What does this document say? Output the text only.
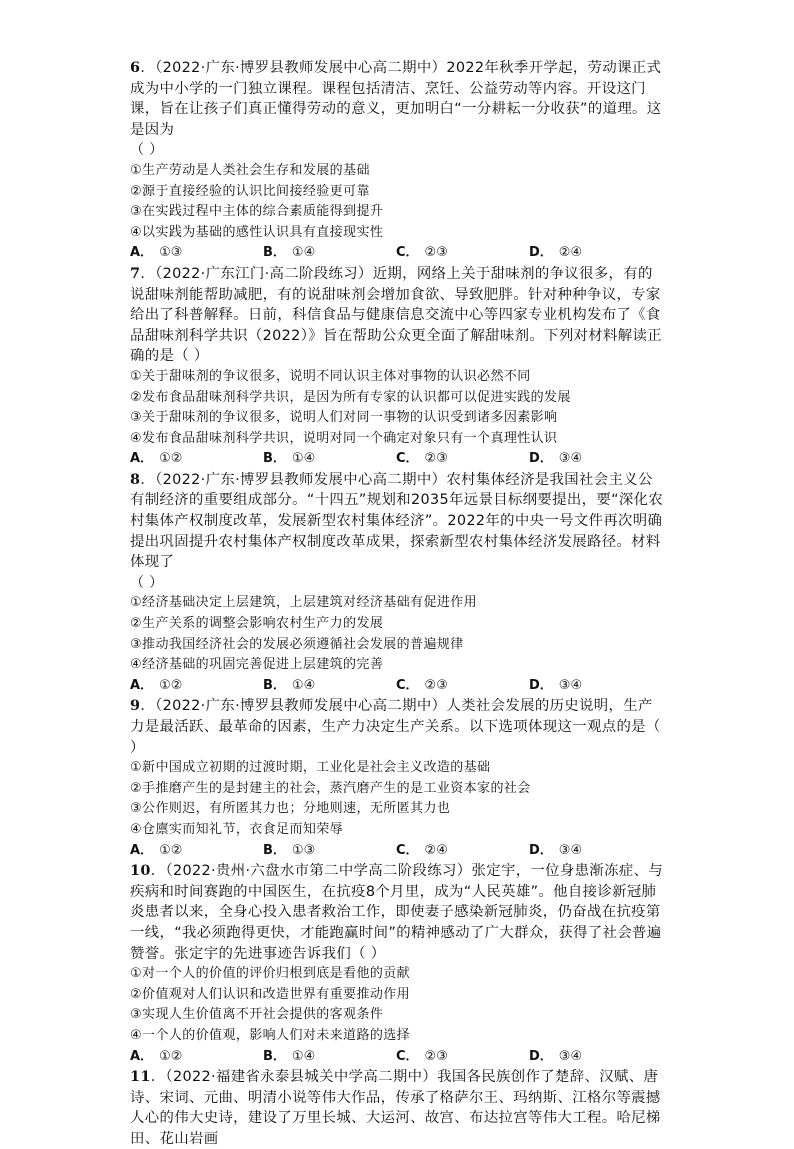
6．（2022·广东·博罗县教师发展中心高二期中）2022年秋季开学起，劳动课正式成为中小学的一门独立课程。课程包括清洁、烹饪、公益劳动等内容。开设这门课，旨在让孩子们真正懂得劳动的意义，更加明白“一分耕耘一分收获”的道理。这是因为
（ ）

①生产劳动是人类社会生存和发展的基础

②源于直接经验的认识比间接经验更可靠

③在实践过程中主体的综合素质能得到提升

④以实践为基础的感性认识具有直接现实性

A． ①③	B． ①④	C． ②③	D． ②④

7．（2022·广东江门·高二阶段练习）近期，网络上关于甜味剂的争议很多，有的说甜味剂能帮助减肥，有的说甜味剂会增加食欲、导致肥胖。针对种种争议，专家给出了科普解释。日前，科信食品与健康信息交流中心等四家专业机构发布了《食品甜味剂科学共识（2022）》旨在帮助公众更全面了解甜味剂。下列对材料解读正确的是（ ）

①关于甜味剂的争议很多，说明不同认识主体对事物的认识必然不同

②发布食品甜味剂科学共识，是因为所有专家的认识都可以促进实践的发展

③关于甜味剂的争议很多，说明人们对同一事物的认识受到诸多因素影响

④发布食品甜味剂科学共识，说明对同一个确定对象只有一个真理性认识

A． ①②	B． ①④	C． ②③	D． ③④

8．（2022·广东·博罗县教师发展中心高二期中）农村集体经济是我国社会主义公有制经济的重要组成部分。“十四五”规划和2035年远景目标纲要提出，要“深化农村集体产权制度改革，发展新型农村集体经济”。2022年的中央一号文件再次明确提出巩固提升农村集体产权制度改革成果，探索新型农村集体经济发展路径。材料体现了
（ ）

①经济基础决定上层建筑，上层建筑对经济基础有促进作用

②生产关系的调整会影响农村生产力的发展

③推动我国经济社会的发展必须遵循社会发展的普遍规律

④经济基础的巩固完善促进上层建筑的完善

A． ①②	B． ①④	C． ②③	D． ③④

9．（2022·广东·博罗县教师发展中心高二期中）人类社会发展的历史说明，生产力是最活跃、最革命的因素，生产力决定生产关系。以下选项体现这一观点的是（ ）

①新中国成立初期的过渡时期，工业化是社会主义改造的基础

②手推磨产生的是封建主的社会，蒸汽磨产生的是工业资本家的社会

③公作则迟，有所匿其力也；分地则速，无所匿其力也

④仓廪实而知礼节，衣食足而知荣辱

A． ①②	B． ①③	C． ②④	D． ③④

10．（2022·贵州·六盘水市第二中学高二阶段练习）张定宇，一位身患渐冻症、与疾病和时间赛跑的中国医生，在抗疫8个月里，成为“人民英雄”。他自接诊新冠肺炎患者以来，全身心投入患者救治工作，即使妻子感染新冠肺炎，仍奋战在抗疫第一线，“我必须跑得更快，才能跑赢时间”的精神感动了广大群众，获得了社会普遍赞誉。张定宇的先进事迹告诉我们（ ）

①对一个人的价值的评价归根到底是看他的贡献

②价值观对人们认识和改造世界有重要推动作用

③实现人生价值离不开社会提供的客观条件

④一个人的价值观，影响人们对未来道路的选择

A． ①②	B． ①④	C． ②③	D． ③④

11．（2022·福建省永泰县城关中学高二期中）我国各民族创作了楚辞、汉赋、唐诗、宋词、元曲、明清小说等伟大作品，传承了格萨尔王、玛纳斯、江格尔等震撼人心的伟大史诗，建设了万里长城、大运河、故宫、布达拉宫等伟大工程。哈尼梯田、花山岩画
